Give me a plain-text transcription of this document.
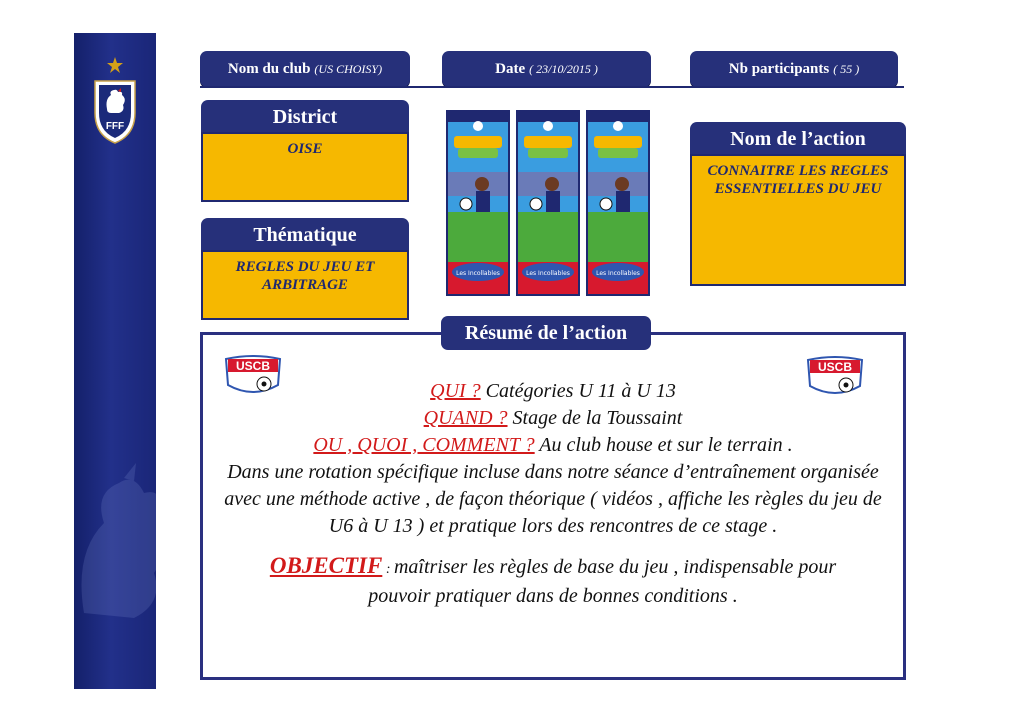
FFF
Nom du club (US CHOISY)	Date ( 23/10/2015 )	Nb participants ( 55 )
District
OISE
Thématique
REGLES DU JEU ET ARBITRAGE
Nom de l’action
CONNAITRE LES REGLES ESSENTIELLES DU JEU
Les Incollables	Les Incollables	Les Incollables
Résumé de l’action
USCB	USCB
QUI ? Catégories U 11 à U 13
QUAND ? Stage de la Toussaint
OU , QUOI , COMMENT ? Au club house et sur le terrain .
Dans une rotation spécifique incluse dans notre séance d’entraînement organisée avec une méthode active , de façon théorique ( vidéos , affiche les règles du jeu de U6 à U 13 ) et pratique lors des rencontres de ce stage .
OBJECTIF : maîtriser les règles de base du jeu , indispensable pour pouvoir pratiquer dans de bonnes conditions .
